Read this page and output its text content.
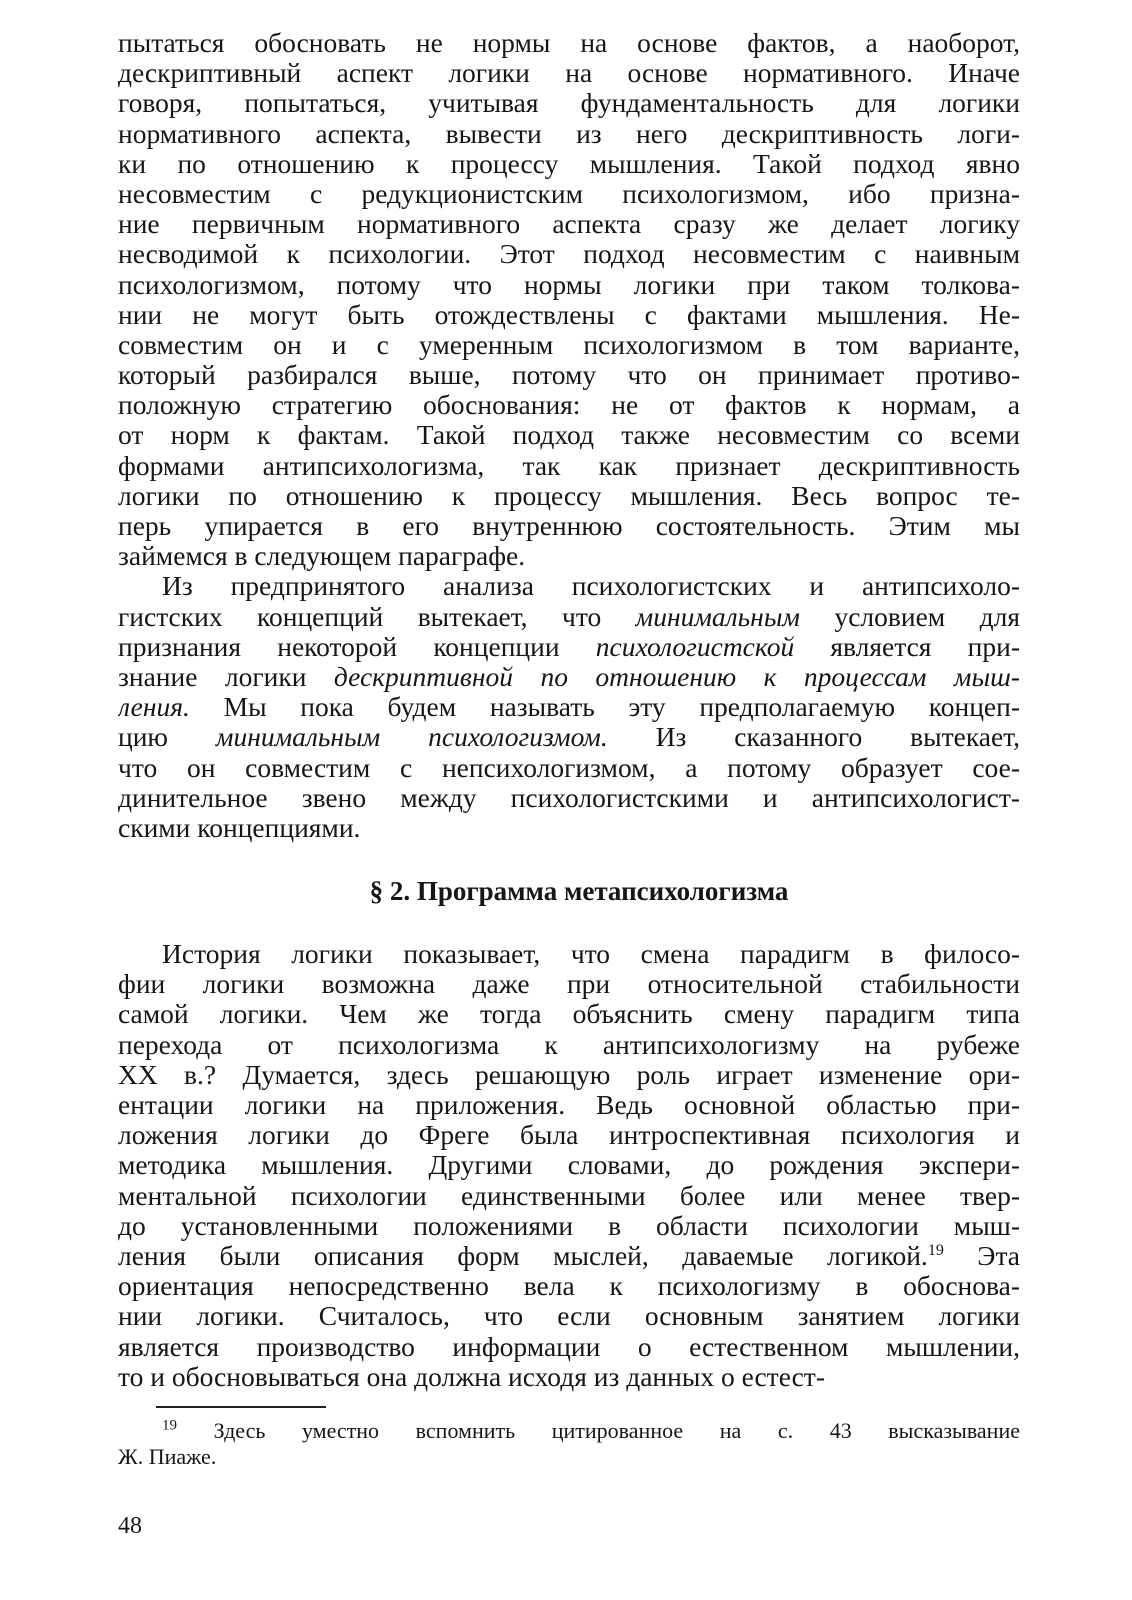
пытаться обосновать не нормы на основе фактов, а наоборот,
дескриптивный аспект логики на основе нормативного. Иначе
говоря, попытаться, учитывая фундаментальность для логики
нормативного аспекта, вывести из него дескриптивность логи-
ки по отношению к процессу мышления. Такой подход явно
несовместим с редукционистским психологизмом, ибо призна-
ние первичным нормативного аспекта сразу же делает логику
несводимой к психологии. Этот подход несовместим с наивным
психологизмом, потому что нормы логики при таком толкова-
нии не могут быть отождествлены с фактами мышления. Не-
совместим он и с умеренным психологизмом в том варианте,
который разбирался выше, потому что он принимает противо-
положную стратегию обоснования: не от фактов к нормам, а
от норм к фактам. Такой подход также несовместим со всеми
формами антипсихологизма, так как признает дескриптивность
логики по отношению к процессу мышления. Весь вопрос те-
перь упирается в его внутреннюю состоятельность. Этим мы
займемся в следующем параграфе.
Из предпринятого анализа психологистских и антипсихоло-
гистских концепций вытекает, что минимальным условием для
признания некоторой концепции психологистской является при-
знание логики дескриптивной по отношению к процессам мыш-
ления. Мы пока будем называть эту предполагаемую концеп-
цию минимальным психологизмом. Из сказанного вытекает,
что он совместим с непсихологизмом, а потому образует сое-
динительное звено между психологистскими и антипсихологист-
скими концепциями.
§ 2. Программа метапсихологизма
История логики показывает, что смена парадигм в филосо-
фии логики возможна даже при относительной стабильности
самой логики. Чем же тогда объяснить смену парадигм типа
перехода от психологизма к антипсихологизму на рубеже
XX в.? Думается, здесь решающую роль играет изменение ори-
ентации логики на приложения. Ведь основной областью при-
ложения логики до Фреге была интроспективная психология и
методика мышления. Другими словами, до рождения экспери-
ментальной психологии единственными более или менее твер-
до установленными положениями в области психологии мыш-
ления были описания форм мыслей, даваемые логикой.$^{19}$ Эта
ориентация непосредственно вела к психологизму в обоснова-
нии логики. Считалось, что если основным занятием логики
является производство информации о естественном мышлении,
то и обосновываться она должна исходя из данных о естест-
$^{19}$ Здесь уместно вспомнить цитированное на с. 43 высказывание
Ж. Пиаже.
48
